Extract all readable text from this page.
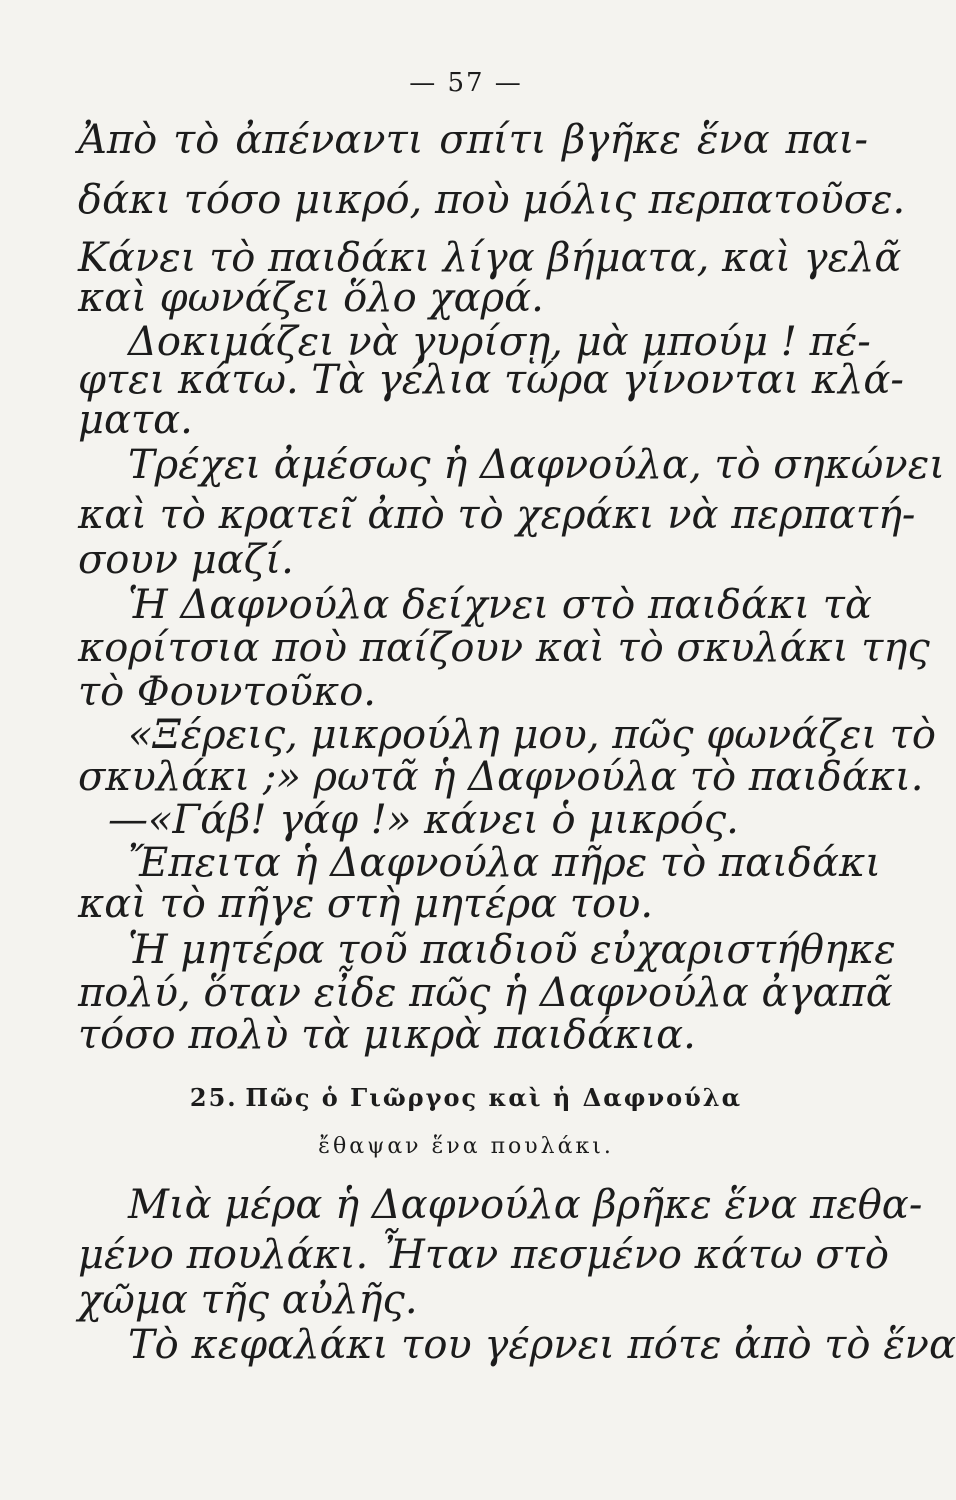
— 57 —
Ἀπὸ τὸ ἀπέναντι σπίτι βγῆκε ἕνα παι-
δάκι τόσο μικρό, ποὺ μόλις περπατοῦσε.
Κάνει τὸ παιδάκι λίγα βήματα, καὶ γελᾶ
καὶ φωνάζει ὅλο χαρά.
Δοκιμάζει νὰ γυρίσῃ, μὰ μπούμ ! πέ-
φτει κάτω. Τὰ γέλια τώρα γίνονται κλά-
ματα.
Τρέχει ἀμέσως ἡ Δαφνούλα, τὸ σηκώνει
καὶ τὸ κρατεῖ ἀπὸ τὸ χεράκι νὰ περπατή-
σουν μαζί.
Ἡ Δαφνούλα δείχνει στὸ παιδάκι τὰ
κορίτσια ποὺ παίζουν καὶ τὸ σκυλάκι της
τὸ Φουντοῦκο.
«Ξέρεις, μικρούλη μου, πῶς φωνάζει τὸ
σκυλάκι ;» ρωτᾶ ἡ Δαφνούλα τὸ παιδάκι.
—«Γάβ! γάφ !» κάνει ὁ μικρός.
Ἔπειτα ἡ Δαφνούλα πῆρε τὸ παιδάκι
καὶ τὸ πῆγε στὴ μητέρα του.
Ἡ μητέρα τοῦ παιδιοῦ εὐχαριστήθηκε
πολύ, ὅταν εἶδε πῶς ἡ Δαφνούλα ἀγαπᾶ
τόσο πολὺ τὰ μικρὰ παιδάκια.
25. Πῶς ὁ Γιῶργος καὶ ἡ Δαφνούλα
ἔθαψαν ἕνα πουλάκι.
Μιὰ μέρα ἡ Δαφνούλα βρῆκε ἕνα πεθα-
μένο πουλάκι. Ἦταν πεσμένο κάτω στὸ
χῶμα τῆς αὐλῆς.
Τὸ κεφαλάκι του γέρνει πότε ἀπὸ τὸ ἕνα
